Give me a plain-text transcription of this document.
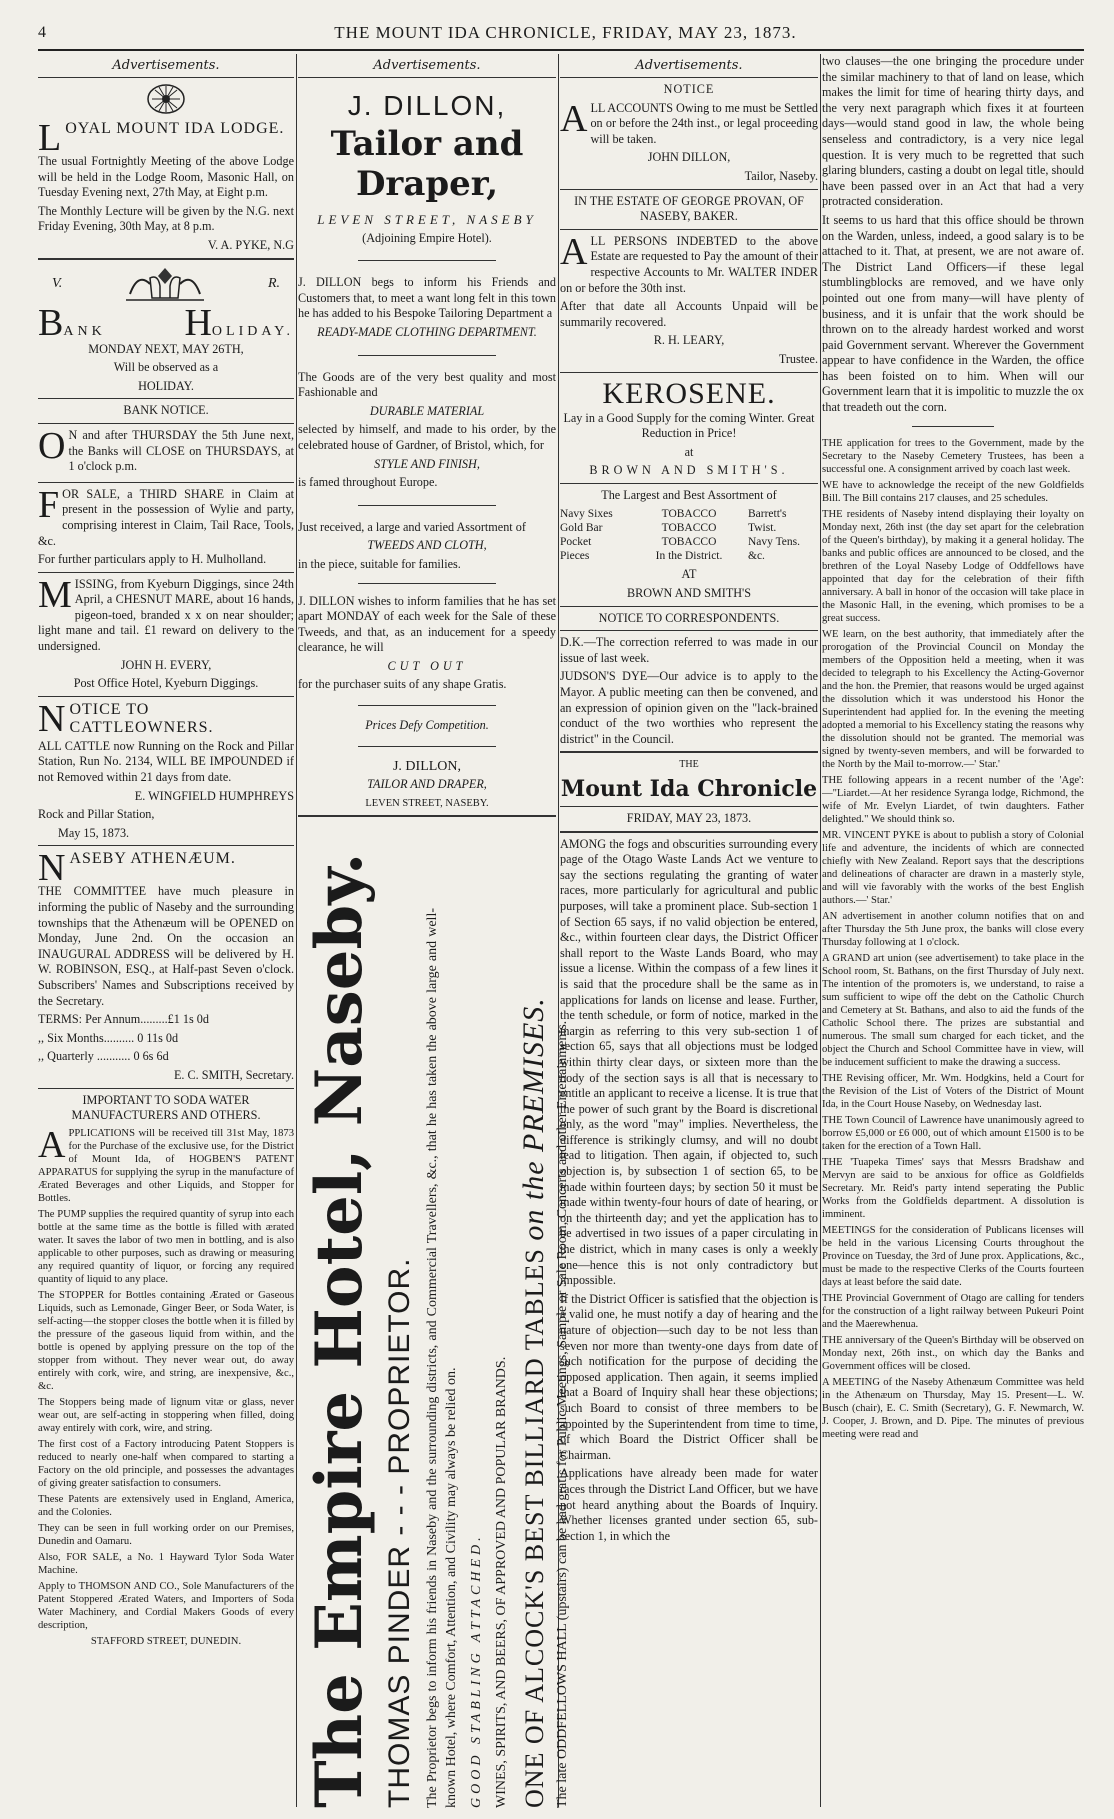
4	THE MOUNT IDA CHRONICLE, FRIDAY, MAY 23, 1873.
Advertisements.
L OYAL MOUNT IDA LODGE.

The usual Fortnightly Meeting of the above Lodge will be held in the Lodge Room, Masonic Hall, on Tuesday Evening next, 27th May, at Eight p.m.

The Monthly Lecture will be given by the N.G. next Friday Evening, 30th May, at 8 p.m.

V. A. PYKE, N.G

V.	R.
BANK HOLIDAY.

MONDAY NEXT, MAY 26TH,

Will be observed as a

HOLIDAY.

BANK NOTICE.

O N and after THURSDAY the 5th June next, the Banks will CLOSE on THURSDAYS, at 1 o'clock p.m.

FOR SALE, a THIRD SHARE in Claim at present in the possession of Wylie and party, comprising interest in Claim, Tail Race, Tools, &c.

For further particulars apply to H. Mulholland.

MISSING, from Kyeburn Diggings, since 24th April, a CHESNUT MARE, about 16 hands, pigeon-toed, branded x x on near shoulder; light mane and tail. £1 reward on delivery to the undersigned.

JOHN H. EVERY,

Post Office Hotel, Kyeburn Diggings.

N OTICE TO CATTLEOWNERS.

ALL CATTLE now Running on the Rock and Pillar Station, Run No. 2134, WILL BE IMPOUNDED if not Removed within 21 days from date.

E. WINGFIELD HUMPHREYS

Rock and Pillar Station,

May 15, 1873.

N ASEBY ATHENÆUM.

THE COMMITTEE have much pleasure in informing the public of Naseby and the surrounding townships that the Athenæum will be OPENED on Monday, June 2nd. On the occasion an INAUGURAL ADDRESS will be delivered by H. W. ROBINSON, ESQ., at Half-past Seven o'clock. Subscribers' Names and Subscriptions received by the Secretary.

TERMS: Per Annum.........£1 1s 0d

,, Six Months.......... 0 11s 0d

,, Quarterly ........... 0 6s 6d

E. C. SMITH, Secretary.

IMPORTANT TO SODA WATER MANUFACTURERS AND OTHERS.

APPLICATIONS will be received till 31st May, 1873 for the Purchase of the exclusive use, for the District of Mount Ida, of HOGBEN'S PATENT APPARATUS for supplying the syrup in the manufacture of Ærated Beverages and other Liquids, and Stopper for Bottles.

The PUMP supplies the required quantity of syrup into each bottle at the same time as the bottle is filled with ærated water. It saves the labor of two men in bottling, and is also applicable to other purposes, such as drawing or measuring any required quantity of liquor, or forcing any required quantity of liquid to any place.

The STOPPER for Bottles containing Ærated or Gaseous Liquids, such as Lemonade, Ginger Beer, or Soda Water, is self-acting—the stopper closes the bottle when it is filled by the pressure of the gaseous liquid from within, and the bottle is opened by applying pressure on the top of the stopper from without. They never wear out, do away entirely with cork, wire, and string, are inexpensive, &c., &c.

The Stoppers being made of lignum vitæ or glass, never wear out, are self-acting in stoppering when filled, doing away entirely with cork, wire, and string.

The first cost of a Factory introducing Patent Stoppers is reduced to nearly one-half when compared to starting a Factory on the old principle, and possesses the advantages of giving greater satisfaction to consumers.

These Patents are extensively used in England, America, and the Colonies.

They can be seen in full working order on our Premises, Dunedin and Oamaru.

Also, FOR SALE, a No. 1 Hayward Tylor Soda Water Machine.

Apply to THOMSON AND CO., Sole Manufacturers of the Patent Stoppered Ærated Waters, and Importers of Soda Water Machinery, and Cordial Makers Goods of every description,

STAFFORD STREET, DUNEDIN.

Advertisements.
J. DILLON,
Tailor and Draper,

LEVEN STREET, NASEBY

(Adjoining Empire Hotel).

J. DILLON begs to inform his Friends and Customers that, to meet a want long felt in this town he has added to his Bespoke Tailoring Department a

READY-MADE CLOTHING DEPARTMENT.

The Goods are of the very best quality and most Fashionable and

DURABLE MATERIAL

selected by himself, and made to his order, by the celebrated house of Gardner, of Bristol, which, for

STYLE AND FINISH,

is famed throughout Europe.

Just received, a large and varied Assortment of

TWEEDS AND CLOTH,

in the piece, suitable for families.

J. DILLON wishes to inform families that he has set apart MONDAY of each week for the Sale of these Tweeds, and that, as an inducement for a speedy clearance, he will

CUT OUT

for the purchaser suits of any shape Gratis.

Prices Defy Competition.

J. DILLON,

TAILOR AND DRAPER,

LEVEN STREET, NASEBY.

The Empire Hotel, Naseby. THOMAS PINDER - - - PROPRIETOR. The Proprietor begs to inform his friends in Naseby and the surrounding districts, and Commercial Travellers, &c., that he has taken the above large and well-known Hotel, where Comfort, Attention, and Civility may always be relied on. GOOD STABLING ATTACHED. WINES, SPIRITS, AND BEERS, OF APPROVED AND POPULAR BRANDS. ONE OF ALCOCK'S BEST BILLIARD TABLES on the PREMISES. The late ODDFELLOWS HALL (upstairs) can be had gratis for Public Meetings, Sample or Sale Room, Concerts and other Entertainments.
Advertisements.

NOTICE

ALL ACCOUNTS Owing to me must be Settled on or before the 24th inst., or legal proceeding will be taken.

JOHN DILLON,

Tailor, Naseby.

IN THE ESTATE OF GEORGE PROVAN, OF NASEBY, BAKER.

ALL PERSONS INDEBTED to the above Estate are requested to Pay the amount of their respective Accounts to Mr. WALTER INDER on or before the 30th inst.

After that date all Accounts Unpaid will be summarily recovered.

R. H. LEARY,

Trustee.

KEROSENE.

Lay in a Good Supply for the coming Winter. Great Reduction in Price!

at

BROWN AND SMITH'S.

The Largest and Best Assortment of

Navy Sixes
Gold Bar
Pocket
Pieces
TOBACCO
TOBACCO
TOBACCO
In the District.
Barrett's
Twist.
Navy Tens.
&c.

AT

BROWN AND SMITH'S

NOTICE TO CORRESPONDENTS.

D.K.—The correction referred to was made in our issue of last week.

JUDSON'S DYE—Our advice is to apply to the Mayor. A public meeting can then be convened, and an expression of opinion given on the "lack-brained conduct of the two worthies who represent the district" in the Council.

THE

Mount Ida Chronicle

FRIDAY, MAY 23, 1873.

AMONG the fogs and obscurities surrounding every page of the Otago Waste Lands Act we venture to say the sections regulating the granting of water races, more particularly for agricultural and public purposes, will take a prominent place. Sub-section 1 of Section 65 says, if no valid objection be entered, &c., within fourteen clear days, the District Officer shall report to the Waste Lands Board, who may issue a license. Within the compass of a few lines it is said that the procedure shall be the same as in applications for lands on license and lease. Further, the tenth schedule, or form of notice, marked in the margin as referring to this very sub-section 1 of section 65, says that all objections must be lodged within thirty clear days, or sixteen more than the body of the section says is all that is necessary to entitle an applicant to receive a license. It is true that the power of such grant by the Board is discretional only, as the word "may" implies. Nevertheless, the difference is strikingly clumsy, and will no doubt lead to litigation. Then again, if objected to, such objection is, by subsection 1 of section 65, to be made within fourteen days; by section 50 it must be made within twenty-four hours of date of hearing, or on the thirteenth day; and yet the application has to be advertised in two issues of a paper circulating in the district, which in many cases is only a weekly one—hence this is not only contradictory but impossible.

If the District Officer is satisfied that the objection is a valid one, he must notify a day of hearing and the nature of objection—such day to be not less than seven nor more than twenty-one days from date of such notification for the purpose of deciding the opposed application. Then again, it seems implied that a Board of Inquiry shall hear these objections; such Board to consist of three members to be appointed by the Superintendent from time to time, of which Board the District Officer shall be Chairman.

Applications have already been made for water races through the District Land Officer, but we have not heard anything about the Boards of Inquiry. Whether licenses granted under section 65, sub-section 1, in which the

two clauses—the one bringing the procedure under the similar machinery to that of land on lease, which makes the limit for time of hearing thirty days, and the very next paragraph which fixes it at fourteen days—would stand good in law, the whole being senseless and contradictory, is a very nice legal question. It is very much to be regretted that such glaring blunders, casting a doubt on legal title, should have been passed over in an Act that had a very protracted consideration.

It seems to us hard that this office should be thrown on the Warden, unless, indeed, a good salary is to be attached to it. That, at present, we are not aware of. The District Land Officers—if these legal stumblingblocks are removed, and we have only pointed out one from many—will have plenty of business, and it is unfair that the work should be thrown on to the already hardest worked and worst paid Government servant. Wherever the Government appear to have confidence in the Warden, the office has been foisted on to him. When will our Government learn that it is impolitic to muzzle the ox that treadeth out the corn.

THE application for trees to the Government, made by the Secretary to the Naseby Cemetery Trustees, has been a successful one. A consignment arrived by coach last week.

WE have to acknowledge the receipt of the new Goldfields Bill. The Bill contains 217 clauses, and 25 schedules.

THE residents of Naseby intend displaying their loyalty on Monday next, 26th inst (the day set apart for the celebration of the Queen's birthday), by making it a general holiday. The banks and public offices are announced to be closed, and the brethren of the Loyal Naseby Lodge of Oddfellows have appointed that day for the celebration of their fifth anniversary. A ball in honor of the occasion will take place in the Masonic Hall, in the evening, which promises to be a great success.

WE learn, on the best authority, that immediately after the prorogation of the Provincial Council on Monday the members of the Opposition held a meeting, when it was decided to telegraph to his Excellency the Acting-Governor and the hon. the Premier, that reasons would be urged against the dissolution which it was understood his Honor the Superintendent had applied for. In the evening the meeting adopted a memorial to his Excellency stating the reasons why the dissolution should not be granted. The memorial was signed by twenty-seven members, and will be forwarded to the North by the Mail to-morrow.—' Star.'

THE following appears in a recent number of the 'Age':—"Liardet.—At her residence Syranga lodge, Richmond, the wife of Mr. Evelyn Liardet, of twin daughters. Father delighted." We should think so.

MR. VINCENT PYKE is about to publish a story of Colonial life and adventure, the incidents of which are connected chiefly with New Zealand. Report says that the descriptions and delineations of character are drawn in a masterly style, and will vie favorably with the works of the best English authors.—' Star.'

AN advertisement in another column notifies that on and after Thursday the 5th June prox, the banks will close every Thursday following at 1 o'clock.

A GRAND art union (see advertisement) to take place in the School room, St. Bathans, on the first Thursday of July next. The intention of the promoters is, we understand, to raise a sum sufficient to wipe off the debt on the Catholic Church and Cemetery at St. Bathans, and also to aid the funds of the Catholic School there. The prizes are substantial and numerous. The small sum charged for each ticket, and the object the Church and School Committee have in view, will be inducement sufficient to make the drawing a success.

THE Revising officer, Mr. Wm. Hodgkins, held a Court for the Revision of the List of Voters of the District of Mount Ida, in the Court House Naseby, on Wednesday last.

THE Town Council of Lawrence have unanimously agreed to borrow £5,000 or £6 000, out of which amount £1500 is to be taken for the erection of a Town Hall.

THE 'Tuapeka Times' says that Messrs Bradshaw and Mervyn are said to be anxious for office as Goldfields Secretary. Mr. Reid's party intend seperating the Public Works from the Goldfields department. A dissolution is imminent.

MEETINGS for the consideration of Publicans licenses will be held in the various Licensing Courts throughout the Province on Tuesday, the 3rd of June prox. Applications, &c., must be made to the respective Clerks of the Courts fourteen days at least before the said date.

THE Provincial Government of Otago are calling for tenders for the construction of a light railway between Pukeuri Point and the Maerewhenua.

THE anniversary of the Queen's Birthday will be observed on Monday next, 26th inst., on which day the Banks and Government offices will be closed.

A MEETING of the Naseby Athenæum Committee was held in the Athenæum on Thursday, May 15. Present—L. W. Busch (chair), E. C. Smith (Secretary), G. F. Newmarch, W. J. Cooper, J. Brown, and D. Pipe. The minutes of previous meeting were read and
